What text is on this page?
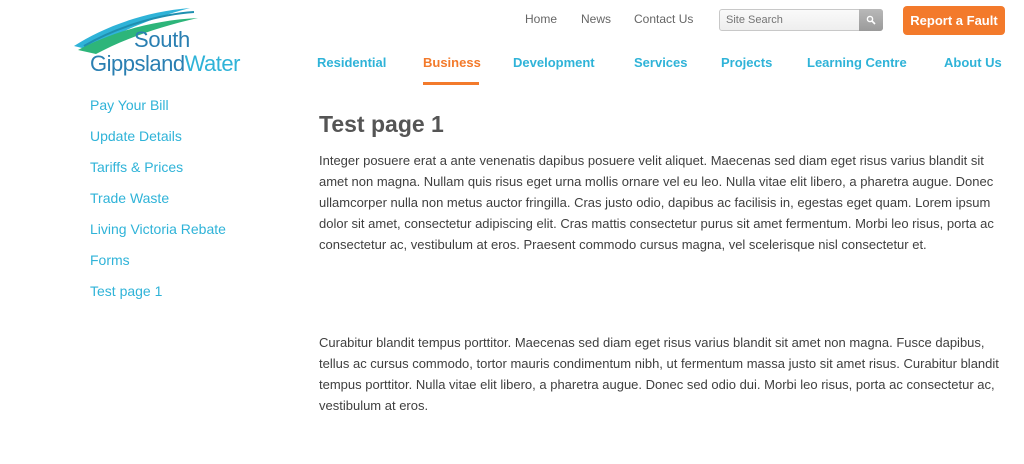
South
GippslandWater
Home News Contact Us
Site Search	Report a Fault
Residential	Business Development	Services	Projects	Learning Centre	About Us
Pay Your Bill
Update Details
Tariffs & Prices
Trade Waste
Living Victoria Rebate
Forms
Test page 1
Test page 1

Integer posuere erat a ante venenatis dapibus posuere velit aliquet. Maecenas sed diam eget risus varius blandit sit amet non magna. Nullam quis risus eget urna mollis ornare vel eu leo. Nulla vitae elit libero, a pharetra augue. Donec ullamcorper nulla non metus auctor fringilla. Cras justo odio, dapibus ac facilisis in, egestas eget quam. Lorem ipsum dolor sit amet, consectetur adipiscing elit. Cras mattis consectetur purus sit amet fermentum. Morbi leo risus, porta ac consectetur ac, vestibulum at eros. Praesent commodo cursus magna, vel scelerisque nisl consectetur et.

Curabitur blandit tempus porttitor. Maecenas sed diam eget risus varius blandit sit amet non magna. Fusce dapibus, tellus ac cursus commodo, tortor mauris condimentum nibh, ut fermentum massa justo sit amet risus. Curabitur blandit tempus porttitor. Nulla vitae elit libero, a pharetra augue. Donec sed odio dui. Morbi leo risus, porta ac consectetur ac, vestibulum at eros.
